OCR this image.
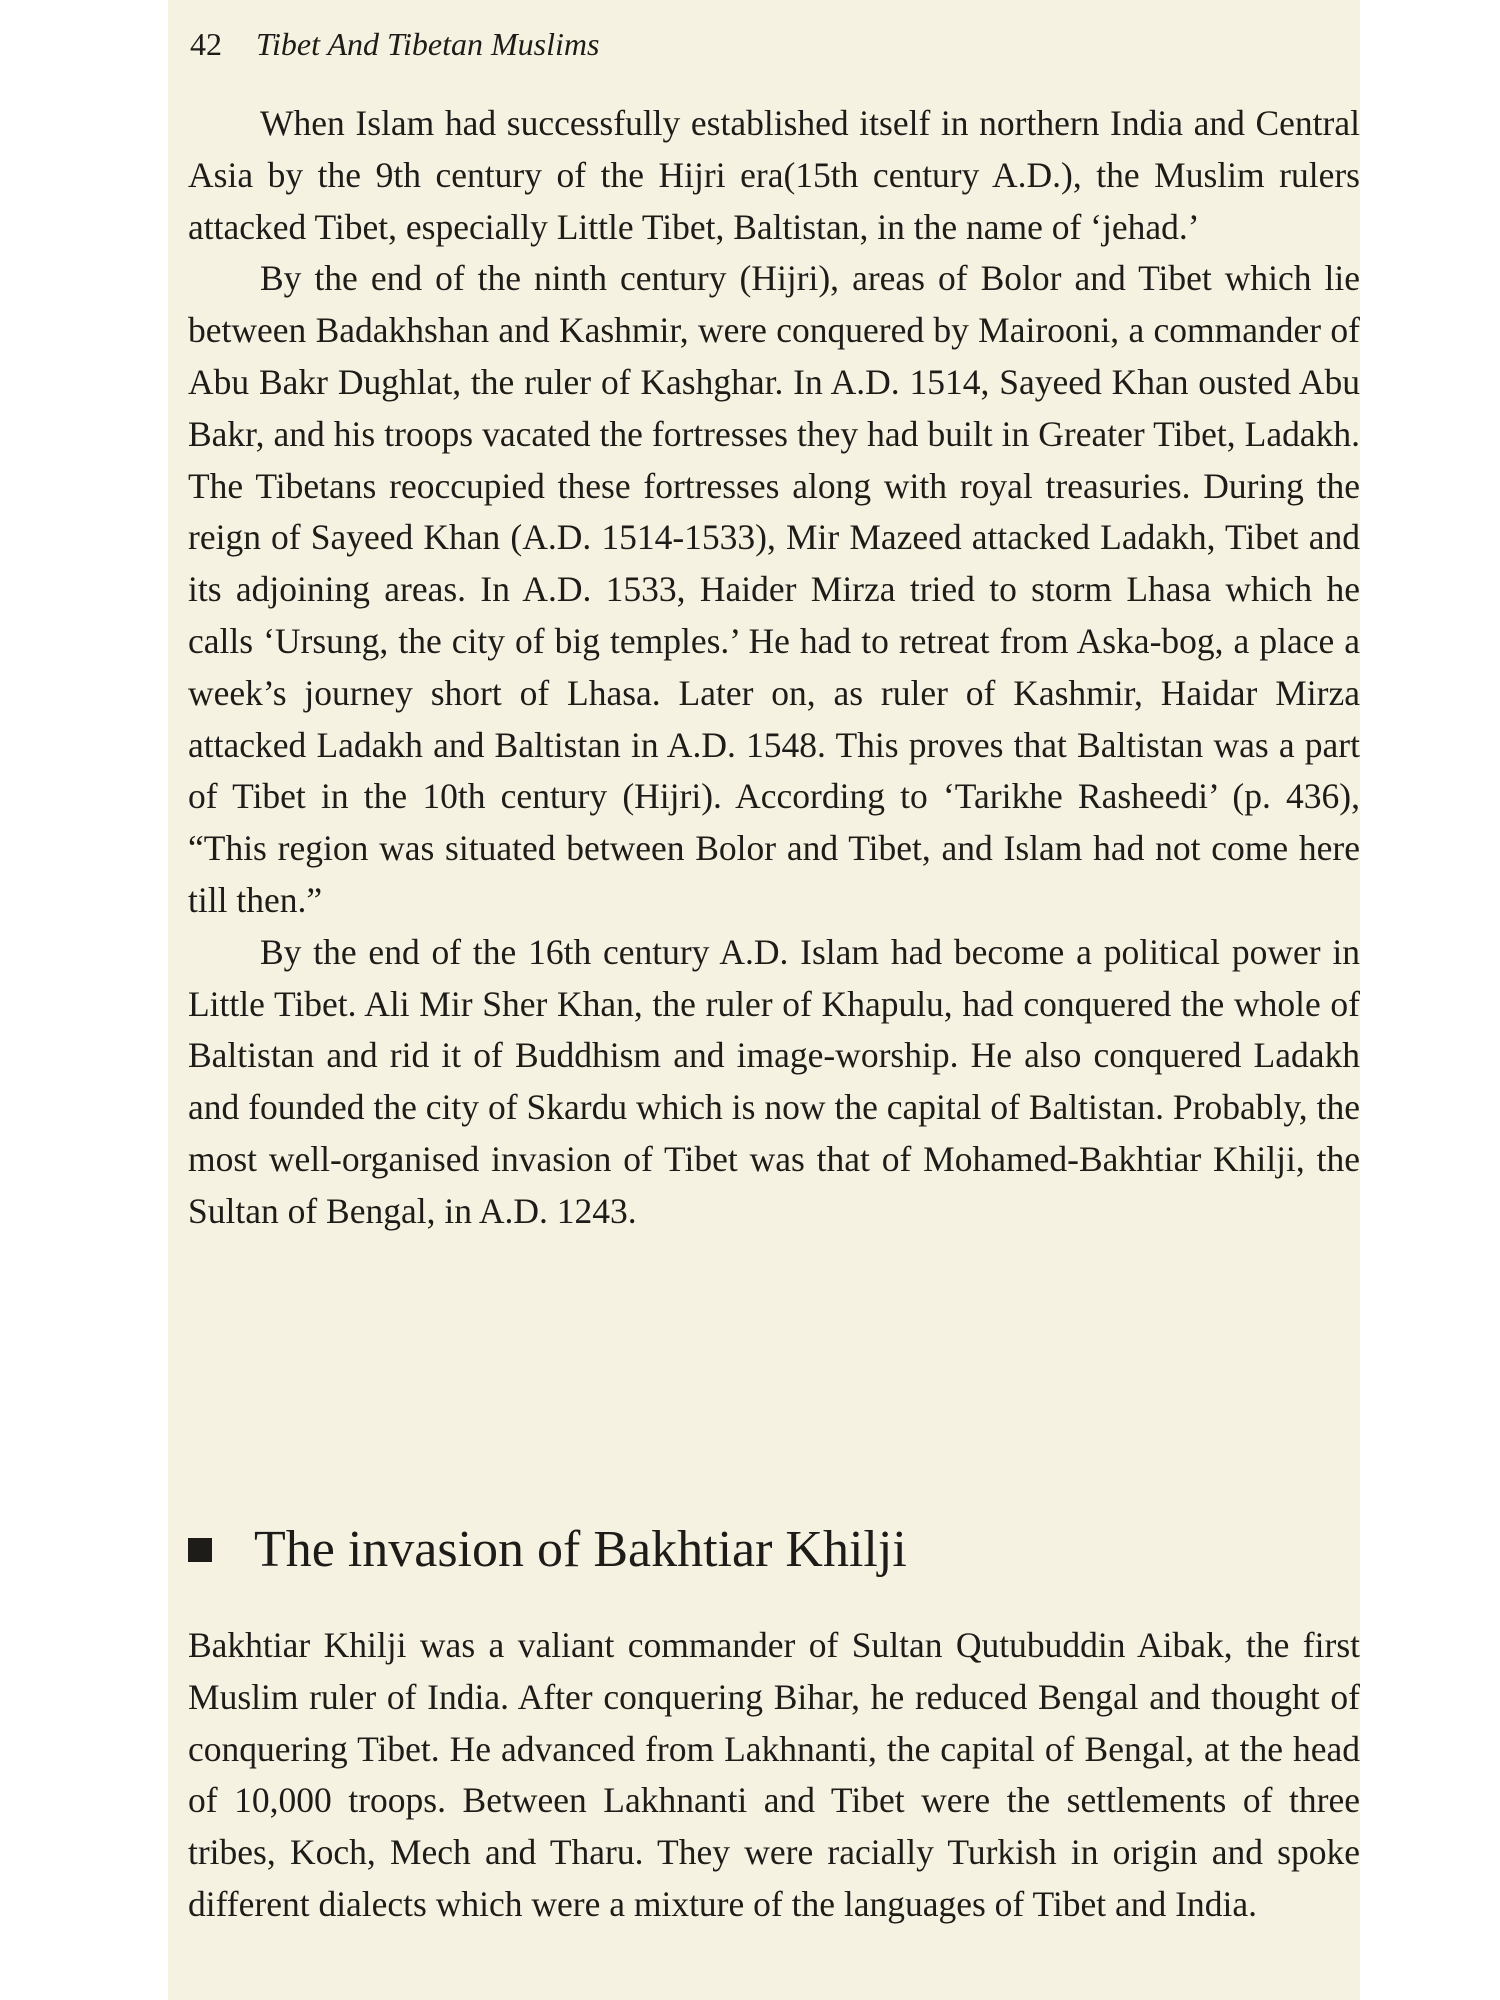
42 Tibet And Tibetan Muslims

When Islam had successfully established itself in northern India and Central Asia by the 9th century of the Hijri era(15th century A.D.), the Muslim rulers attacked Tibet, especially Little Tibet, Baltistan, in the name of ‘jehad.’

By the end of the ninth century (Hijri), areas of Bolor and Tibet which lie between Badakhshan and Kashmir, were conquered by Mairooni, a commander of Abu Bakr Dughlat, the ruler of Kashghar. In A.D. 1514, Sayeed Khan ousted Abu Bakr, and his troops vacated the fortresses they had built in Greater Tibet, Ladakh. The Tibetans reoccupied these fortresses along with royal treasuries. During the reign of Sayeed Khan (A.D. 1514-1533), Mir Mazeed attacked Ladakh, Tibet and its adjoining areas. In A.D. 1533, Haider Mirza tried to storm Lhasa which he calls ‘Ursung, the city of big temples.’ He had to retreat from Aska-bog, a place a week’s journey short of Lhasa. Later on, as ruler of Kashmir, Haidar Mirza attacked Ladakh and Baltistan in A.D. 1548. This proves that Baltistan was a part of Tibet in the 10th century (Hijri). According to ‘Tarikhe Rasheedi’ (p. 436), “This region was situated between Bolor and Tibet, and Islam had not come here till then.”

By the end of the 16th century A.D. Islam had become a political power in Little Tibet. Ali Mir Sher Khan, the ruler of Khapulu, had conquered the whole of Baltistan and rid it of Buddhism and image-worship. He also conquered Ladakh and founded the city of Skardu which is now the capital of Baltistan. Probably, the most well-organised invasion of Tibet was that of Mohamed-Bakhtiar Khilji, the Sultan of Bengal, in A.D. 1243.

The invasion of Bakhtiar Khilji

Bakhtiar Khilji was a valiant commander of Sultan Qutubuddin Aibak, the first Muslim ruler of India. After conquering Bihar, he reduced Bengal and thought of conquering Tibet. He advanced from Lakhnanti, the capital of Bengal, at the head of 10,000 troops. Between Lakhnanti and Tibet were the settlements of three tribes, Koch, Mech and Tharu. They were racially Turkish in origin and spoke different dialects which were a mixture of the languages of Tibet and India.
